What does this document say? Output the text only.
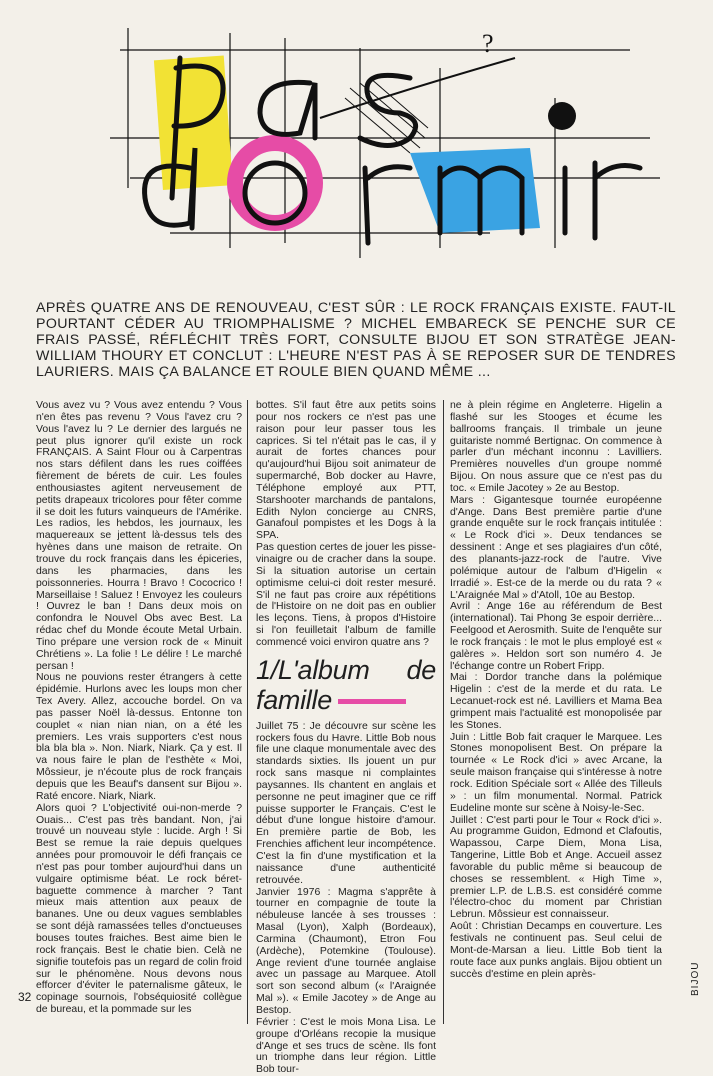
?
APRÈS QUATRE ANS DE RENOUVEAU, C'EST SÛR : LE ROCK FRANÇAIS EXISTE. FAUT-IL POURTANT CÉDER AU TRIOMPHALISME ? MICHEL EMBARECK SE PENCHE SUR CE FRAIS PASSÉ, RÉFLÉCHIT TRÈS FORT, CONSULTE BIJOU ET SON STRATÈGE JEAN-WILLIAM THOURY ET CONCLUT : L'HEURE N'EST PAS À SE REPOSER SUR DE TENDRES LAURIERS. MAIS ÇA BALANCE ET ROULE BIEN QUAND MÊME ...

Vous avez vu ? Vous avez entendu ? Vous n'en êtes pas revenu ? Vous l'avez cru ? Vous l'avez lu ? Le dernier des largués ne peut plus ignorer qu'il existe un rock FRANÇAIS. A Saint Flour ou à Carpentras nos stars défilent dans les rues coiffées fièrement de bérets de cuir. Les foules enthousiastes agitent nerveusement de petits drapeaux tricolores pour fêter comme il se doit les futurs vainqueurs de l'Amérike. Les radios, les hebdos, les journaux, les maquereaux se jettent là-dessus tels des hyènes dans une maison de retraite. On trouve du rock français dans les épiceries, dans les pharmacies, dans les poissonneries. Hourra ! Bravo ! Cococrico ! Marseillaise ! Saluez ! Envoyez les couleurs ! Ouvrez le ban ! Dans deux mois on confondra le Nouvel Obs avec Best. La rédac chef du Monde écoute Metal Urbain. Tino prépare une version rock de « Minuit Chrétiens ». La folie ! Le délire ! Le marché persan !

Nous ne pouvions rester étrangers à cette épidémie. Hurlons avec les loups mon cher Tex Avery. Allez, accouche bordel. On va pas passer Noël là-dessus. Entonne ton couplet « nian nian nian, on a été les premiers. Les vrais supporters c'est nous bla bla bla ». Non. Niark, Niark. Ça y est. Il va nous faire le plan de l'esthète « Moi, Môssieur, je n'écoute plus de rock français depuis que les Beauf's dansent sur Bijou ». Raté encore. Niark, Niark.

Alors quoi ? L'objectivité oui-non-merde ? Ouais... C'est pas très bandant. Non, j'ai trouvé un nouveau style : lucide. Argh ! Si Best se remue la raie depuis quelques années pour promouvoir le défi français ce n'est pas pour tomber aujourd'hui dans un vulgaire optimisme béat. Le rock béret-baguette commence à marcher ? Tant mieux mais attention aux peaux de bananes. Une ou deux vagues semblables se sont déjà ramassées telles d'onctueuses bouses toutes fraiches. Best aime bien le rock français. Best le chatie bien. Celà ne signifie toutefois pas un regard de colin froid sur le phénomène. Nous devons nous efforcer d'éviter le paternalisme gâteux, le copinage sournois, l'obséquiosité collègue de bureau, et la pommade sur les

bottes. S'il faut être aux petits soins pour nos rockers ce n'est pas une raison pour leur passer tous les caprices. Si tel n'était pas le cas, il y aurait de fortes chances pour qu'aujourd'hui Bijou soit animateur de supermarché, Bob docker au Havre, Téléphone employé aux PTT, Starshooter marchands de pantalons, Edith Nylon concierge au CNRS, Ganafoul pompistes et les Dogs à la SPA.

Pas question certes de jouer les pisse-vinaigre ou de cracher dans la soupe. Si la situation autorise un certain optimisme celui-ci doit rester mesuré. S'il ne faut pas croire aux répétitions de l'Histoire on ne doit pas en oublier les leçons. Tiens, à propos d'Histoire si l'on feuilletait l'album de famille commencé voici environ quatre ans ?

1/L'album de famille

Juillet 75 : Je découvre sur scène les rockers fous du Havre. Little Bob nous file une claque monumentale avec des standards sixties. Ils jouent un pur rock sans masque ni complaintes paysannes. Ils chantent en anglais et personne ne peut imaginer que ce riff puisse supporter le Français. C'est le début d'une longue histoire d'amour. En première partie de Bob, les Frenchies affichent leur incompétence. C'est la fin d'une mystification et la naissance d'une authenticité retrouvée.

Janvier 1976 : Magma s'apprête à tourner en compagnie de toute la nébuleuse lancée à ses trousses : Masal (Lyon), Xalph (Bordeaux), Carmina (Chaumont), Etron Fou (Ardèche), Potemkine (Toulouse). Ange revient d'une tournée anglaise avec un passage au Marquee. Atoll sort son second album (« l'Araignée Mal »). « Emile Jacotey » de Ange au Bestop.

Février : C'est le mois Mona Lisa. Le groupe d'Orléans recopie la musique d'Ange et ses trucs de scène. Ils font un triomphe dans leur région. Little Bob tour-

ne à plein régime en Angleterre. Higelin a flashé sur les Stooges et écume les ballrooms français. Il trimbale un jeune guitariste nommé Bertignac. On commence à parler d'un méchant inconnu : Lavilliers. Premières nouvelles d'un groupe nommé Bijou. On nous assure que ce n'est pas du toc. « Emile Jacotey » 2e au Bestop.

Mars : Gigantesque tournée européenne d'Ange. Dans Best première partie d'une grande enquête sur le rock français intitulée : « Le Rock d'ici ». Deux tendances se dessinent : Ange et ses plagiaires d'un côté, des planants-jazz-rock de l'autre. Vive polémique autour de l'album d'Higelin « Irradié ». Est-ce de la merde ou du rata ? « L'Araignée Mal » d'Atoll, 10e au Bestop.

Avril : Ange 16e au référendum de Best (international). Tai Phong 3e espoir derrière... Feelgood et Aerosmith. Suite de l'enquête sur le rock français : le mot le plus employé est « galères ». Heldon sort son numéro 4. Je l'échange contre un Robert Fripp.

Mai : Dordor tranche dans la polémique Higelin : c'est de la merde et du rata. Le Lecanuet-rock est né. Lavilliers et Mama Bea grimpent mais l'actualité est monopolisée par les Stones.

Juin : Little Bob fait craquer le Marquee. Les Stones monopolisent Best. On prépare la tournée « Le Rock d'ici » avec Arcane, la seule maison française qui s'intéresse à notre rock. Edition Spéciale sort « Allée des Tilleuls » : un film monumental. Normal. Patrick Eudeline monte sur scène à Noisy-le-Sec.

Juillet : C'est parti pour le Tour « Rock d'ici ». Au programme Guidon, Edmond et Clafoutis, Wapassou, Carpe Diem, Mona Lisa, Tangerine, Little Bob et Ange. Accueil assez favorable du public même si beaucoup de choses se ressemblent. « High Time », premier L.P. de L.B.S. est considéré comme l'électro-choc du moment par Christian Lebrun. Môssieur est connaisseur.

Août : Christian Decamps en couverture. Les festivals ne continuent pas. Seul celui de Mont-de-Marsan a lieu. Little Bob tient la route face aux punks anglais. Bijou obtient un succès d'estime en plein après-

32
BIJOU
